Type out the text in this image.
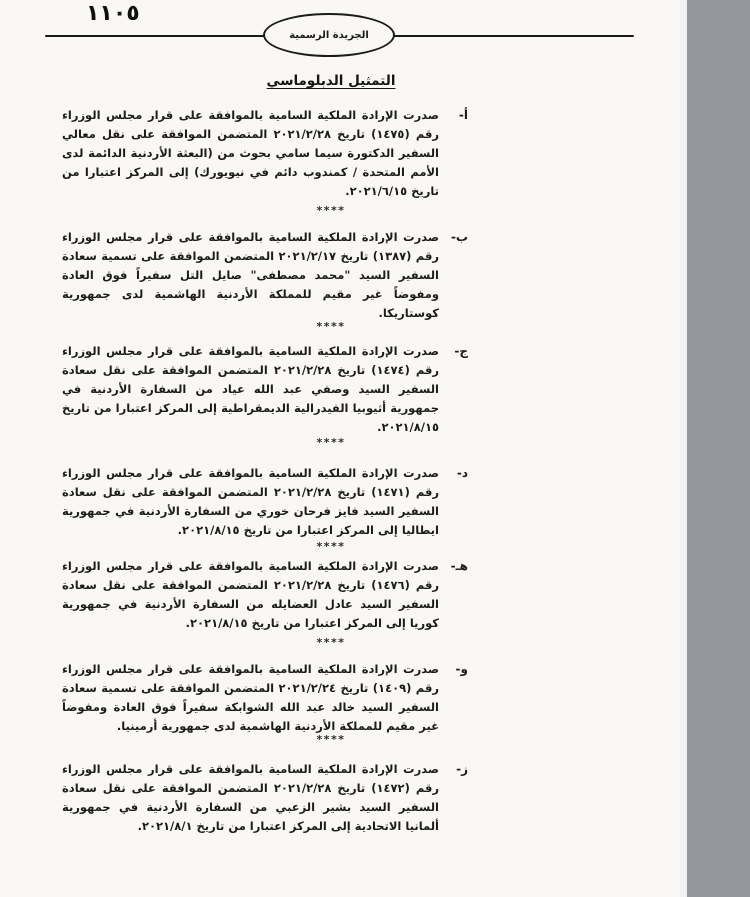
١١٠٥
الجريدة الرسمية
التمثيل الدبلوماسي
أ-
صدرت الإرادة الملكية السامية بالموافقة على قرار مجلس الوزراء رقم (١٤٧٥) تاريخ ٢٠٢١/٢/٢٨ المتضمن الموافقة على نقل معالي السفير الدكتورة سيما سامي بحوث من (البعثة الأردنية الدائمة لدى الأمم المتحدة / كمندوب دائم في نيويورك) إلى المركز اعتبارا من تاريخ ٢٠٢١/٦/١٥.
****
ب-
صدرت الإرادة الملكية السامية بالموافقة على قرار مجلس الوزراء رقم (١٣٨٧) تاريخ ٢٠٢١/٢/١٧ المتضمن الموافقة على تسمية سعادة السفير السيد "محمد مصطفى" صايل التل سفيراً فوق العادة ومفوضاً غير مقيم للمملكة الأردنية الهاشمية لدى جمهورية كوستاريكا.
****
ج-
صدرت الإرادة الملكية السامية بالموافقة على قرار مجلس الوزراء رقم (١٤٧٤) تاريخ ٢٠٢١/٢/٢٨ المتضمن الموافقة على نقل سعادة السفير السيد وصفي عبد الله عياد من السفارة الأردنية في جمهورية أثيوبيا الفيدرالية الديمقراطية إلى المركز اعتبارا من تاريخ ٢٠٢١/٨/١٥.
****
د-
صدرت الإرادة الملكية السامية بالموافقة على قرار مجلس الوزراء رقم (١٤٧١) تاريخ ٢٠٢١/٢/٢٨ المتضمن الموافقة على نقل سعادة السفير السيد فايز فرحان خوري من السفارة الأردنية في جمهورية ايطاليا إلى المركز اعتبارا من تاريخ ٢٠٢١/٨/١٥.
****
هـ-
صدرت الإرادة الملكية السامية بالموافقة على قرار مجلس الوزراء رقم (١٤٧٦) تاريخ ٢٠٢١/٢/٢٨ المتضمن الموافقة على نقل سعادة السفير السيد عادل العضايله من السفارة الأردنية في جمهورية كوريا إلى المركز اعتبارا من تاريخ ٢٠٢١/٨/١٥.
****
و-
صدرت الإرادة الملكية السامية بالموافقة على قرار مجلس الوزراء رقم (١٤٠٩) تاريخ ٢٠٢١/٢/٢٤ المتضمن الموافقة على تسمية سعادة السفير السيد خالد عبد الله الشوابكة سفيراً فوق العادة ومفوضاً غير مقيم للمملكة الأردنية الهاشمية لدى جمهورية أرمينيا.
****
ز-
صدرت الإرادة الملكية السامية بالموافقة على قرار مجلس الوزراء رقم (١٤٧٢) تاريخ ٢٠٢١/٢/٢٨ المتضمن الموافقة على نقل سعادة السفير السيد بشير الزعبي من السفارة الأردنية في جمهورية ألمانيا الاتحادية إلى المركز اعتبارا من تاريخ ٢٠٢١/٨/١.
